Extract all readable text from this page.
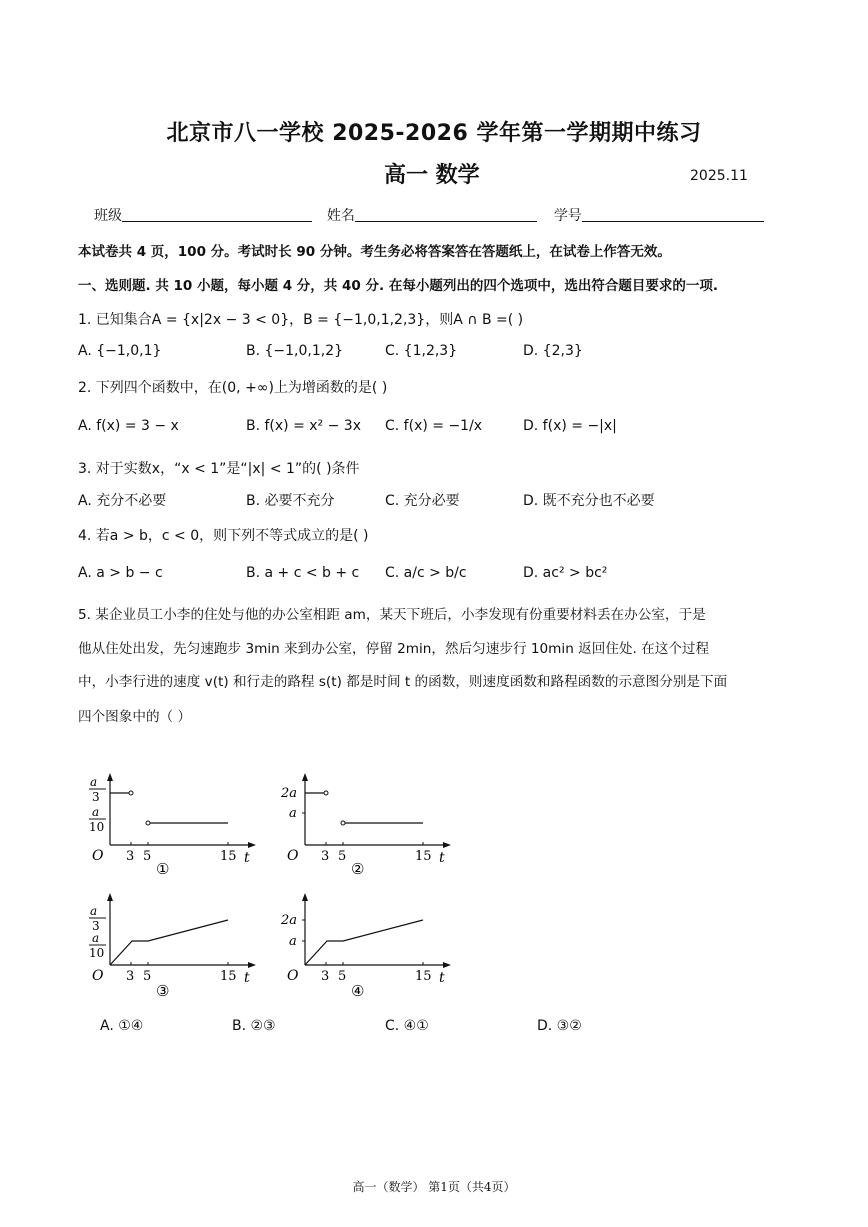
北京市八一学校 2025-2026 学年第一学期期中练习
高一 数学	2025.11
班级	姓名	学号
本试卷共 4 页，100 分。考试时长 90 分钟。考生务必将答案答在答题纸上，在试卷上作答无效。
一、选则题. 共 10 小题，每小题 4 分，共 40 分. 在每小题列出的四个选项中，选出符合题目要求的一项.
1. 已知集合A = {x|2x − 3 < 0}，B = {−1,0,1,2,3}，则A ∩ B =( )
A. {−1,0,1}	B. {−1,0,1,2}	C. {1,2,3}	D. {2,3}
2. 下列四个函数中，在(0, +∞)上为增函数的是( )
A. f(x) = 3 − x	B. f(x) = x² − 3x C. f(x) = −1/x	D. f(x) = −|x|
3. 对于实数x，“x < 1”是“|x| < 1”的( )条件
A. 充分不必要	B. 必要不充分	C. 充分必要	D. 既不充分也不必要
4. 若a > b，c < 0，则下列不等式成立的是( )
A. a > b − c	B. a + c < b + c C. a/c > b/c	D. ac² > bc²
5. 某企业员工小李的住处与他的办公室相距 am，某天下班后，小李发现有份重要材料丢在办公室，于是
他从住处出发，先匀速跑步 3min 来到办公室，停留 2min，然后匀速步行 10min 返回住处. 在这个过程
中，小李行进的速度 v(t) 和行走的路程 s(t) 都是时间 t 的函数，则速度函数和路程函数的示意图分别是下面
四个图象中的（ ）
a
3
a
10
O 3 5	15 t
①
2a
a
O 3 5	15 t
②
a
3
a
10
O 3 5	15 t
③
2a
a
O 3 5	15 t
④
A. ①④	B. ②③	C. ④①	D. ③②
高一（数学） 第1页（共4页）
